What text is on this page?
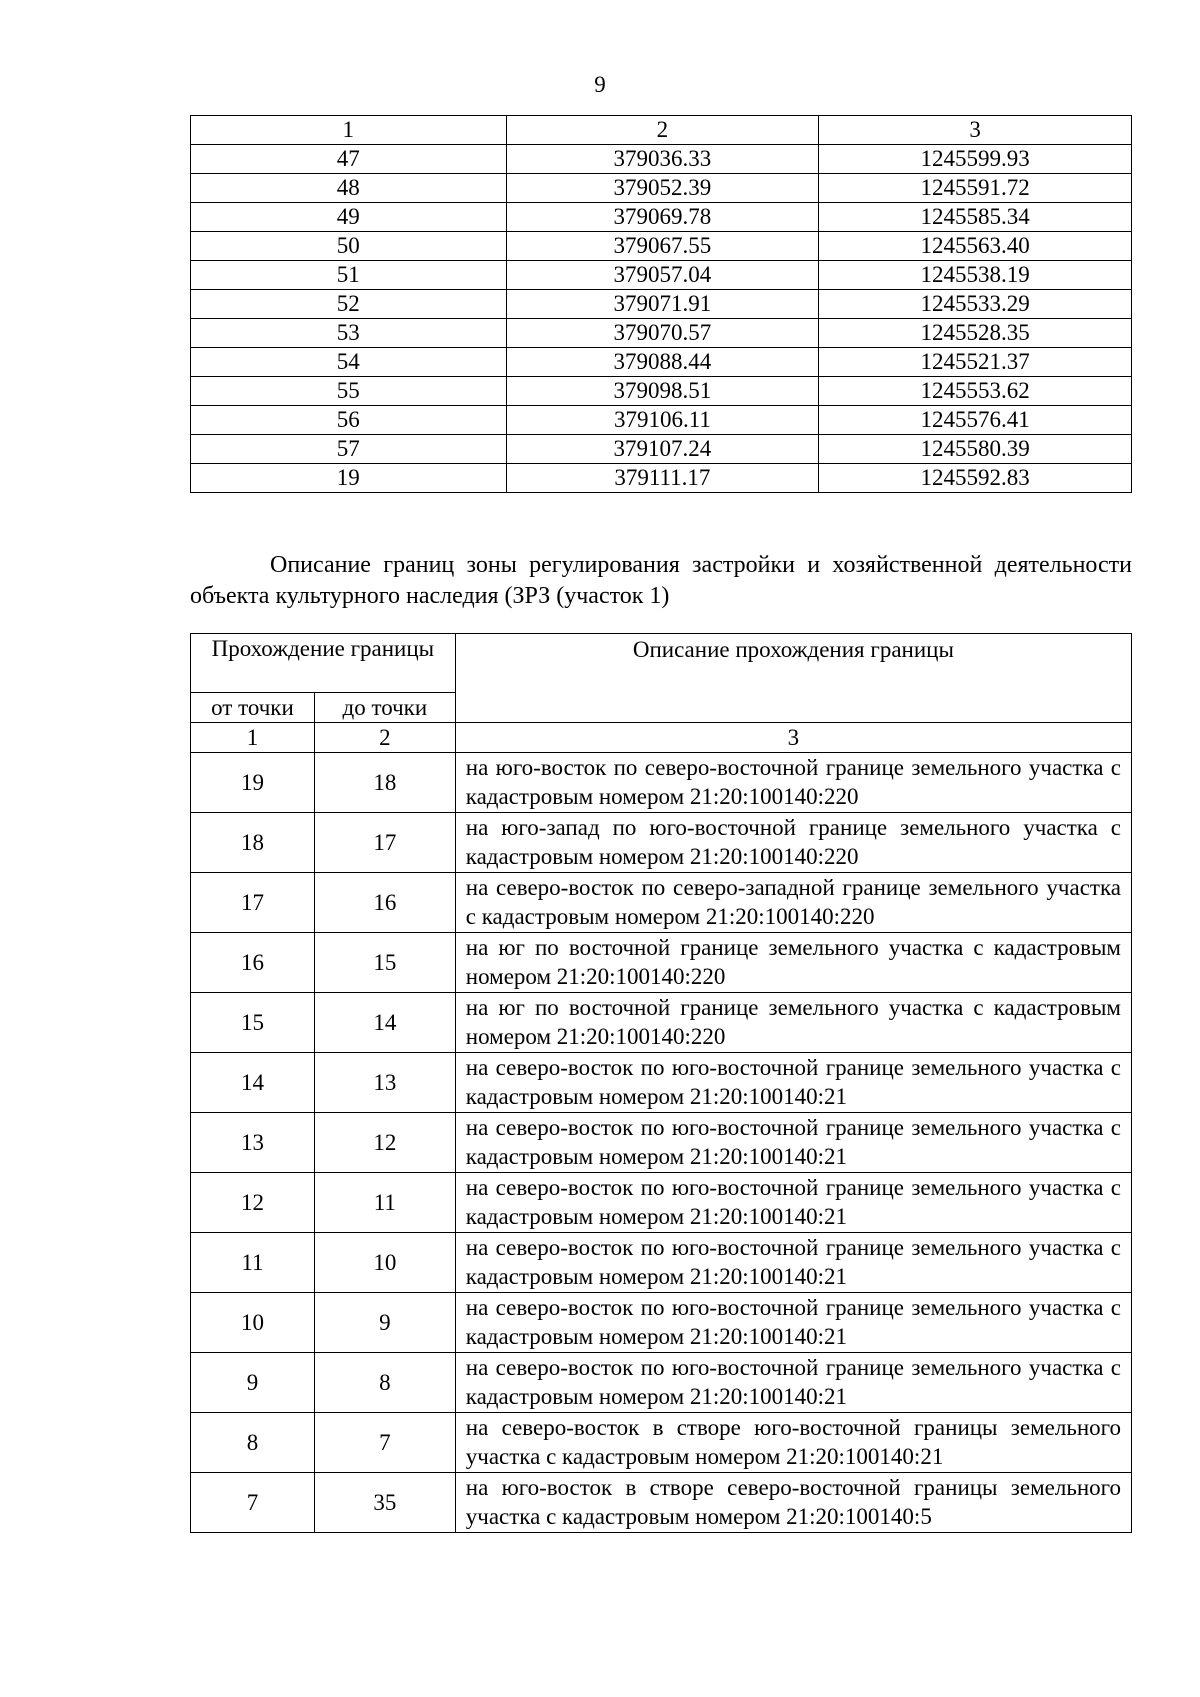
9
1	2	3
47	379036.33	1245599.93
48	379052.39	1245591.72
49	379069.78	1245585.34
50	379067.55	1245563.40
51	379057.04	1245538.19
52	379071.91	1245533.29
53	379070.57	1245528.35
54	379088.44	1245521.37
55	379098.51	1245553.62
56	379106.11	1245576.41
57	379107.24	1245580.39
19	379111.17	1245592.83
Описание границ зоны регулирования застройки и хозяйственной деятельности объекта культурного наследия (ЗРЗ (участок 1)
Прохождение границы		Описание прохождения границы
от точки	до точки	
1	2	3
19	18	на юго-восток по северо-восточной границе земельного участка с кадастровым номером 21:20:100140:220
18	17	на юго-запад по юго-восточной границе земельного участка с кадастровым номером 21:20:100140:220
17	16	на северо-восток по северо-западной границе земельного участка с кадастровым номером 21:20:100140:220
16	15	на юг по восточной границе земельного участка с кадастровым номером 21:20:100140:220
15	14	на юг по восточной границе земельного участка с кадастровым номером 21:20:100140:220
14	13	на северо-восток по юго-восточной границе земельного участка с кадастровым номером 21:20:100140:21
13	12	на северо-восток по юго-восточной границе земельного участка с кадастровым номером 21:20:100140:21
12	11	на северо-восток по юго-восточной границе земельного участка с кадастровым номером 21:20:100140:21
11	10	на северо-восток по юго-восточной границе земельного участка с кадастровым номером 21:20:100140:21
10	9	на северо-восток по юго-восточной границе земельного участка с кадастровым номером 21:20:100140:21
9	8	на северо-восток по юго-восточной границе земельного участка с кадастровым номером 21:20:100140:21
8	7	на северо-восток в створе юго-восточной границы земельного участка с кадастровым номером 21:20:100140:21
7	35	на юго-восток в створе северо-восточной границы земельного участка с кадастровым номером 21:20:100140:5
